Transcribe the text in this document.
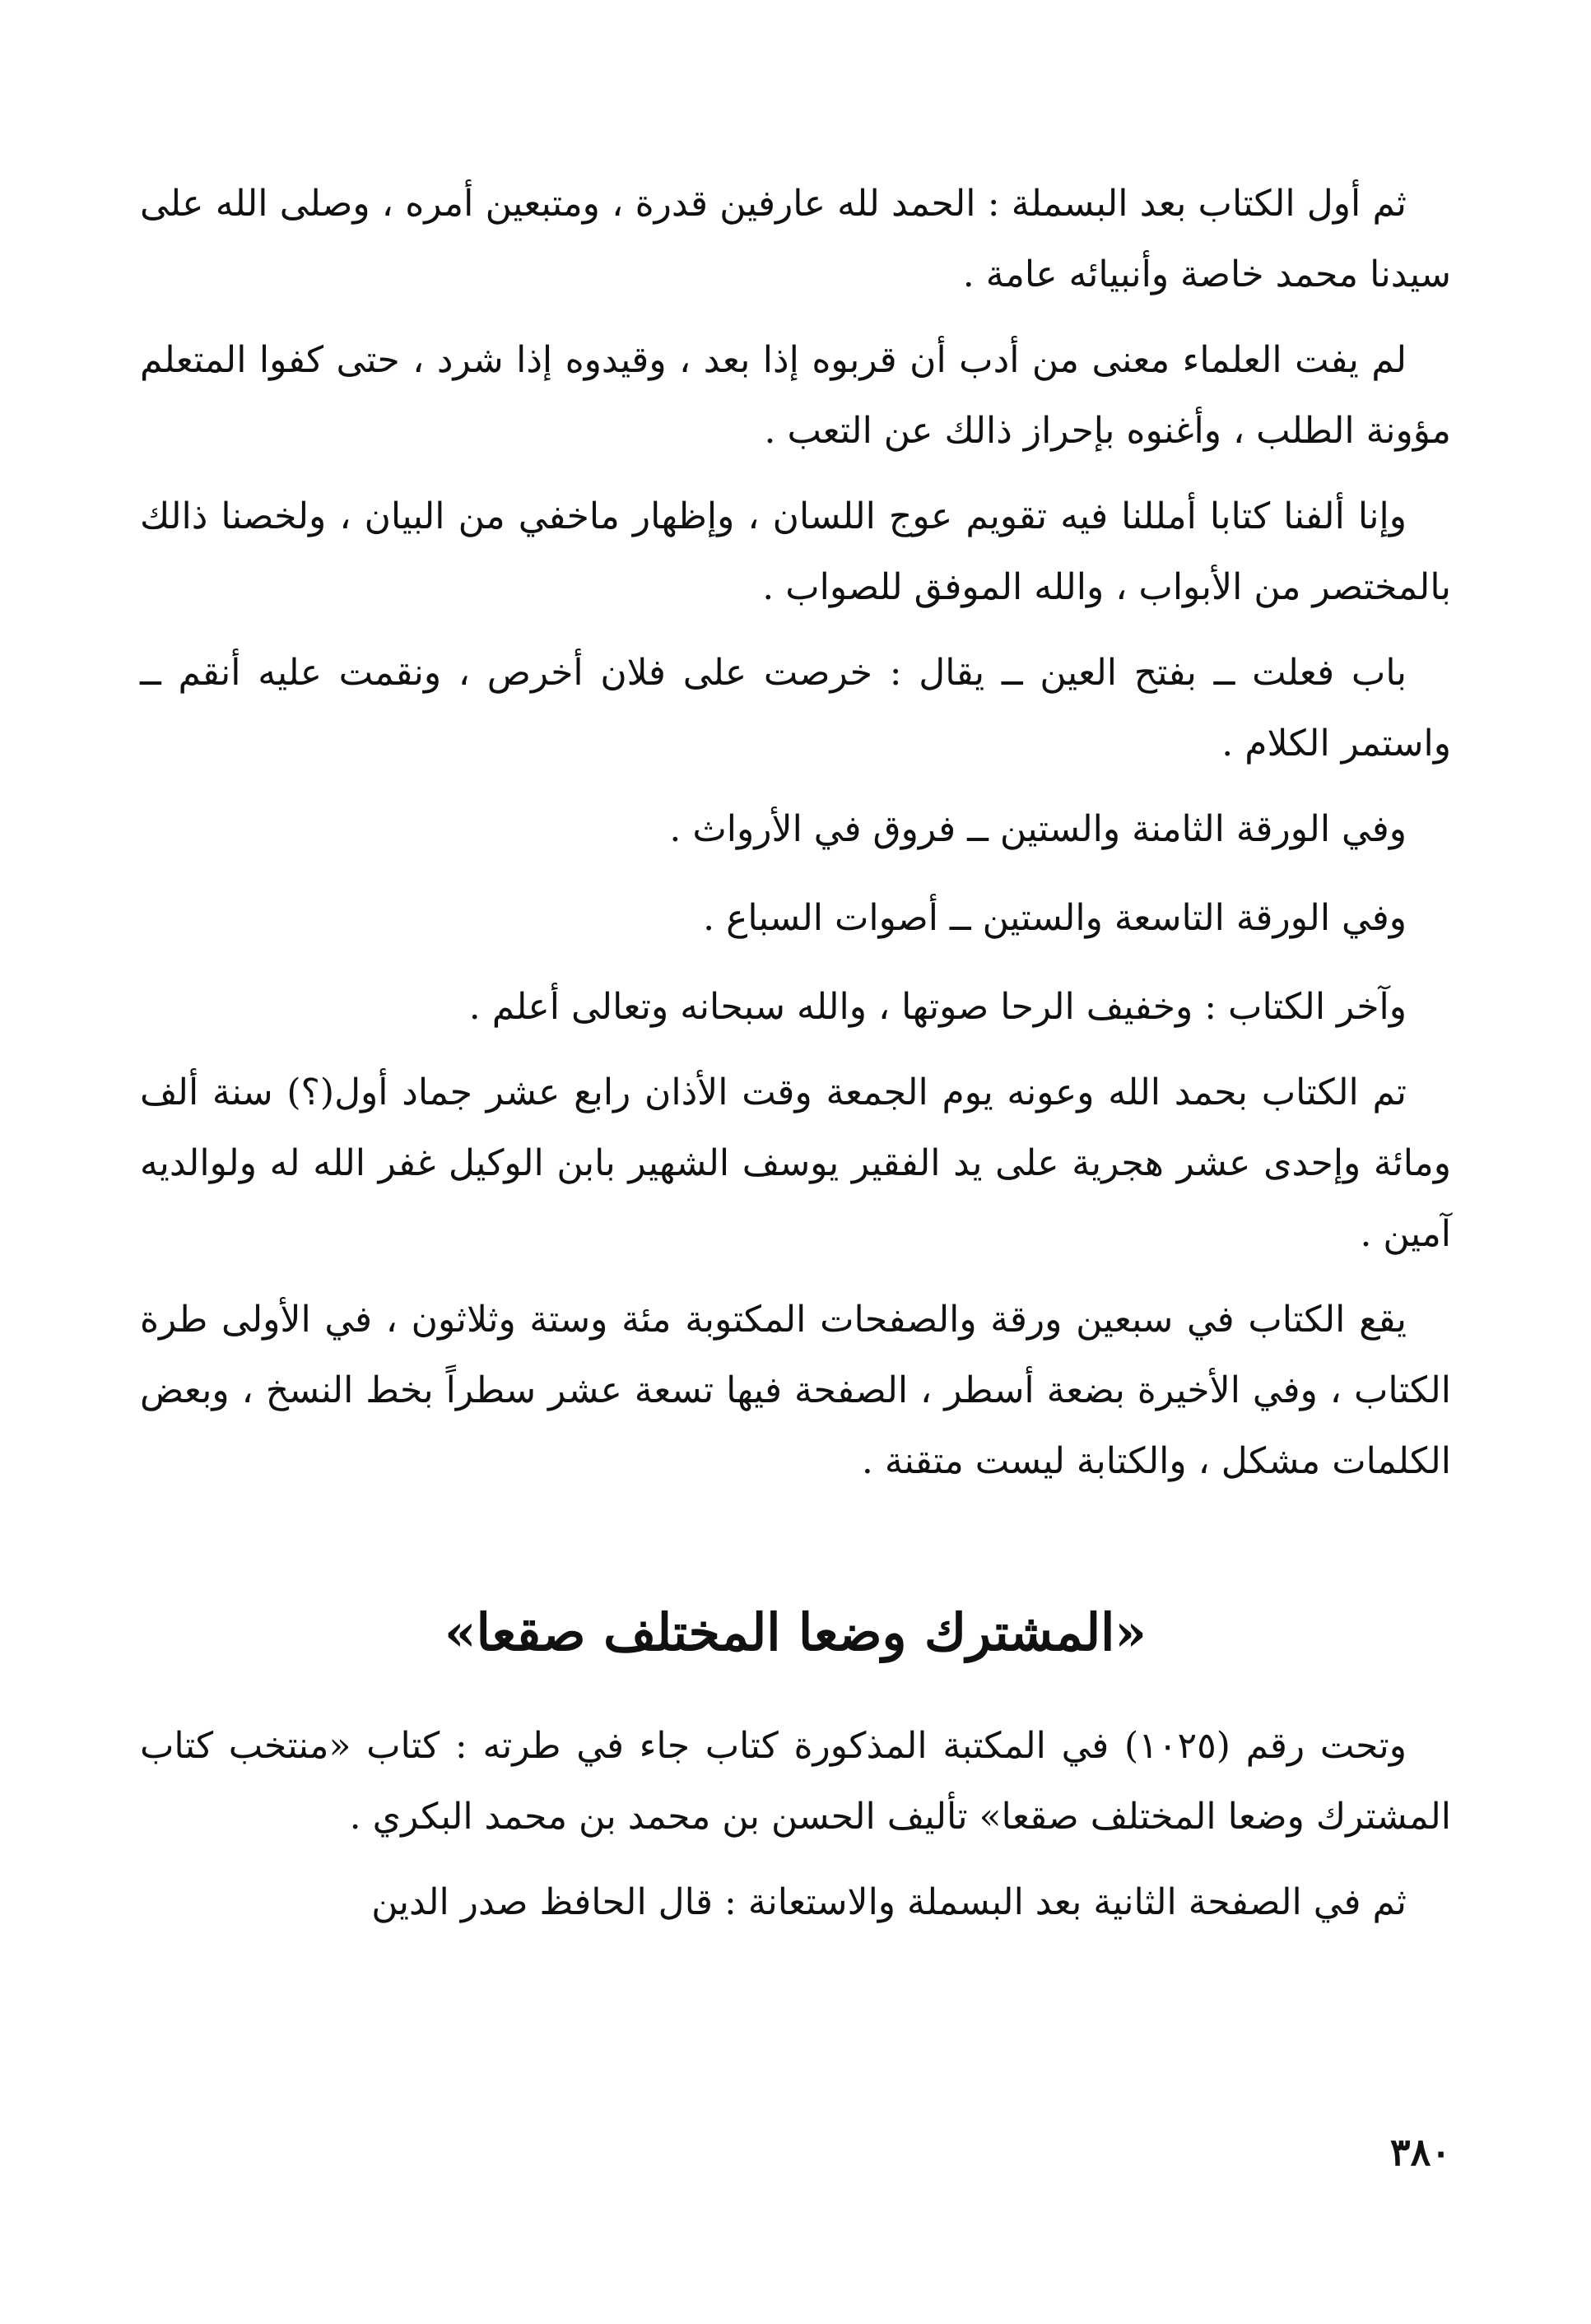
ثم أول الكتاب بعد البسملة : الحمد لله عارفين قدرة ، ومتبعين أمره ، وصلى الله على سيدنا محمد خاصة وأنبيائه عامة .

لم يفت العلماء معنى من أدب أن قربوه إذا بعد ، وقيدوه إذا شرد ، حتى كفوا المتعلم مؤونة الطلب ، وأغنوه بإحراز ذالك عن التعب .

وإنا ألفنا كتابا أمللنا فيه تقويم عوج اللسان ، وإظهار ماخفي من البيان ، ولخصنا ذالك بالمختصر من الأبواب ، والله الموفق للصواب .

باب فعلت ــ بفتح العين ــ يقال : خرصت على فلان أخرص ، ونقمت عليه أنقم ــ واستمر الكلام .

وفي الورقة الثامنة والستين ــ فروق في الأرواث .

وفي الورقة التاسعة والستين ــ أصوات السباع .

وآخر الكتاب : وخفيف الرحا صوتها ، والله سبحانه وتعالى أعلم .

تم الكتاب بحمد الله وعونه يوم الجمعة وقت الأذان رابع عشر جماد أول(؟) سنة ألف ومائة وإحدى عشر هجرية على يد الفقير يوسف الشهير بابن الوكيل غفر الله له ولوالديه آمين .

يقع الكتاب في سبعين ورقة والصفحات المكتوبة مئة وستة وثلاثون ، في الأولى طرة الكتاب ، وفي الأخيرة بضعة أسطر ، الصفحة فيها تسعة عشر سطراً بخط النسخ ، وبعض الكلمات مشكل ، والكتابة ليست متقنة .

«المشترك وضعا المختلف صقعا»

وتحت رقم (١٠٢٥) في المكتبة المذكورة كتاب جاء في طرته : كتاب «منتخب كتاب المشترك وضعا المختلف صقعا» تأليف الحسن بن محمد بن محمد البكري .

ثم في الصفحة الثانية بعد البسملة والاستعانة : قال الحافظ صدر الدين

٣٨٠
